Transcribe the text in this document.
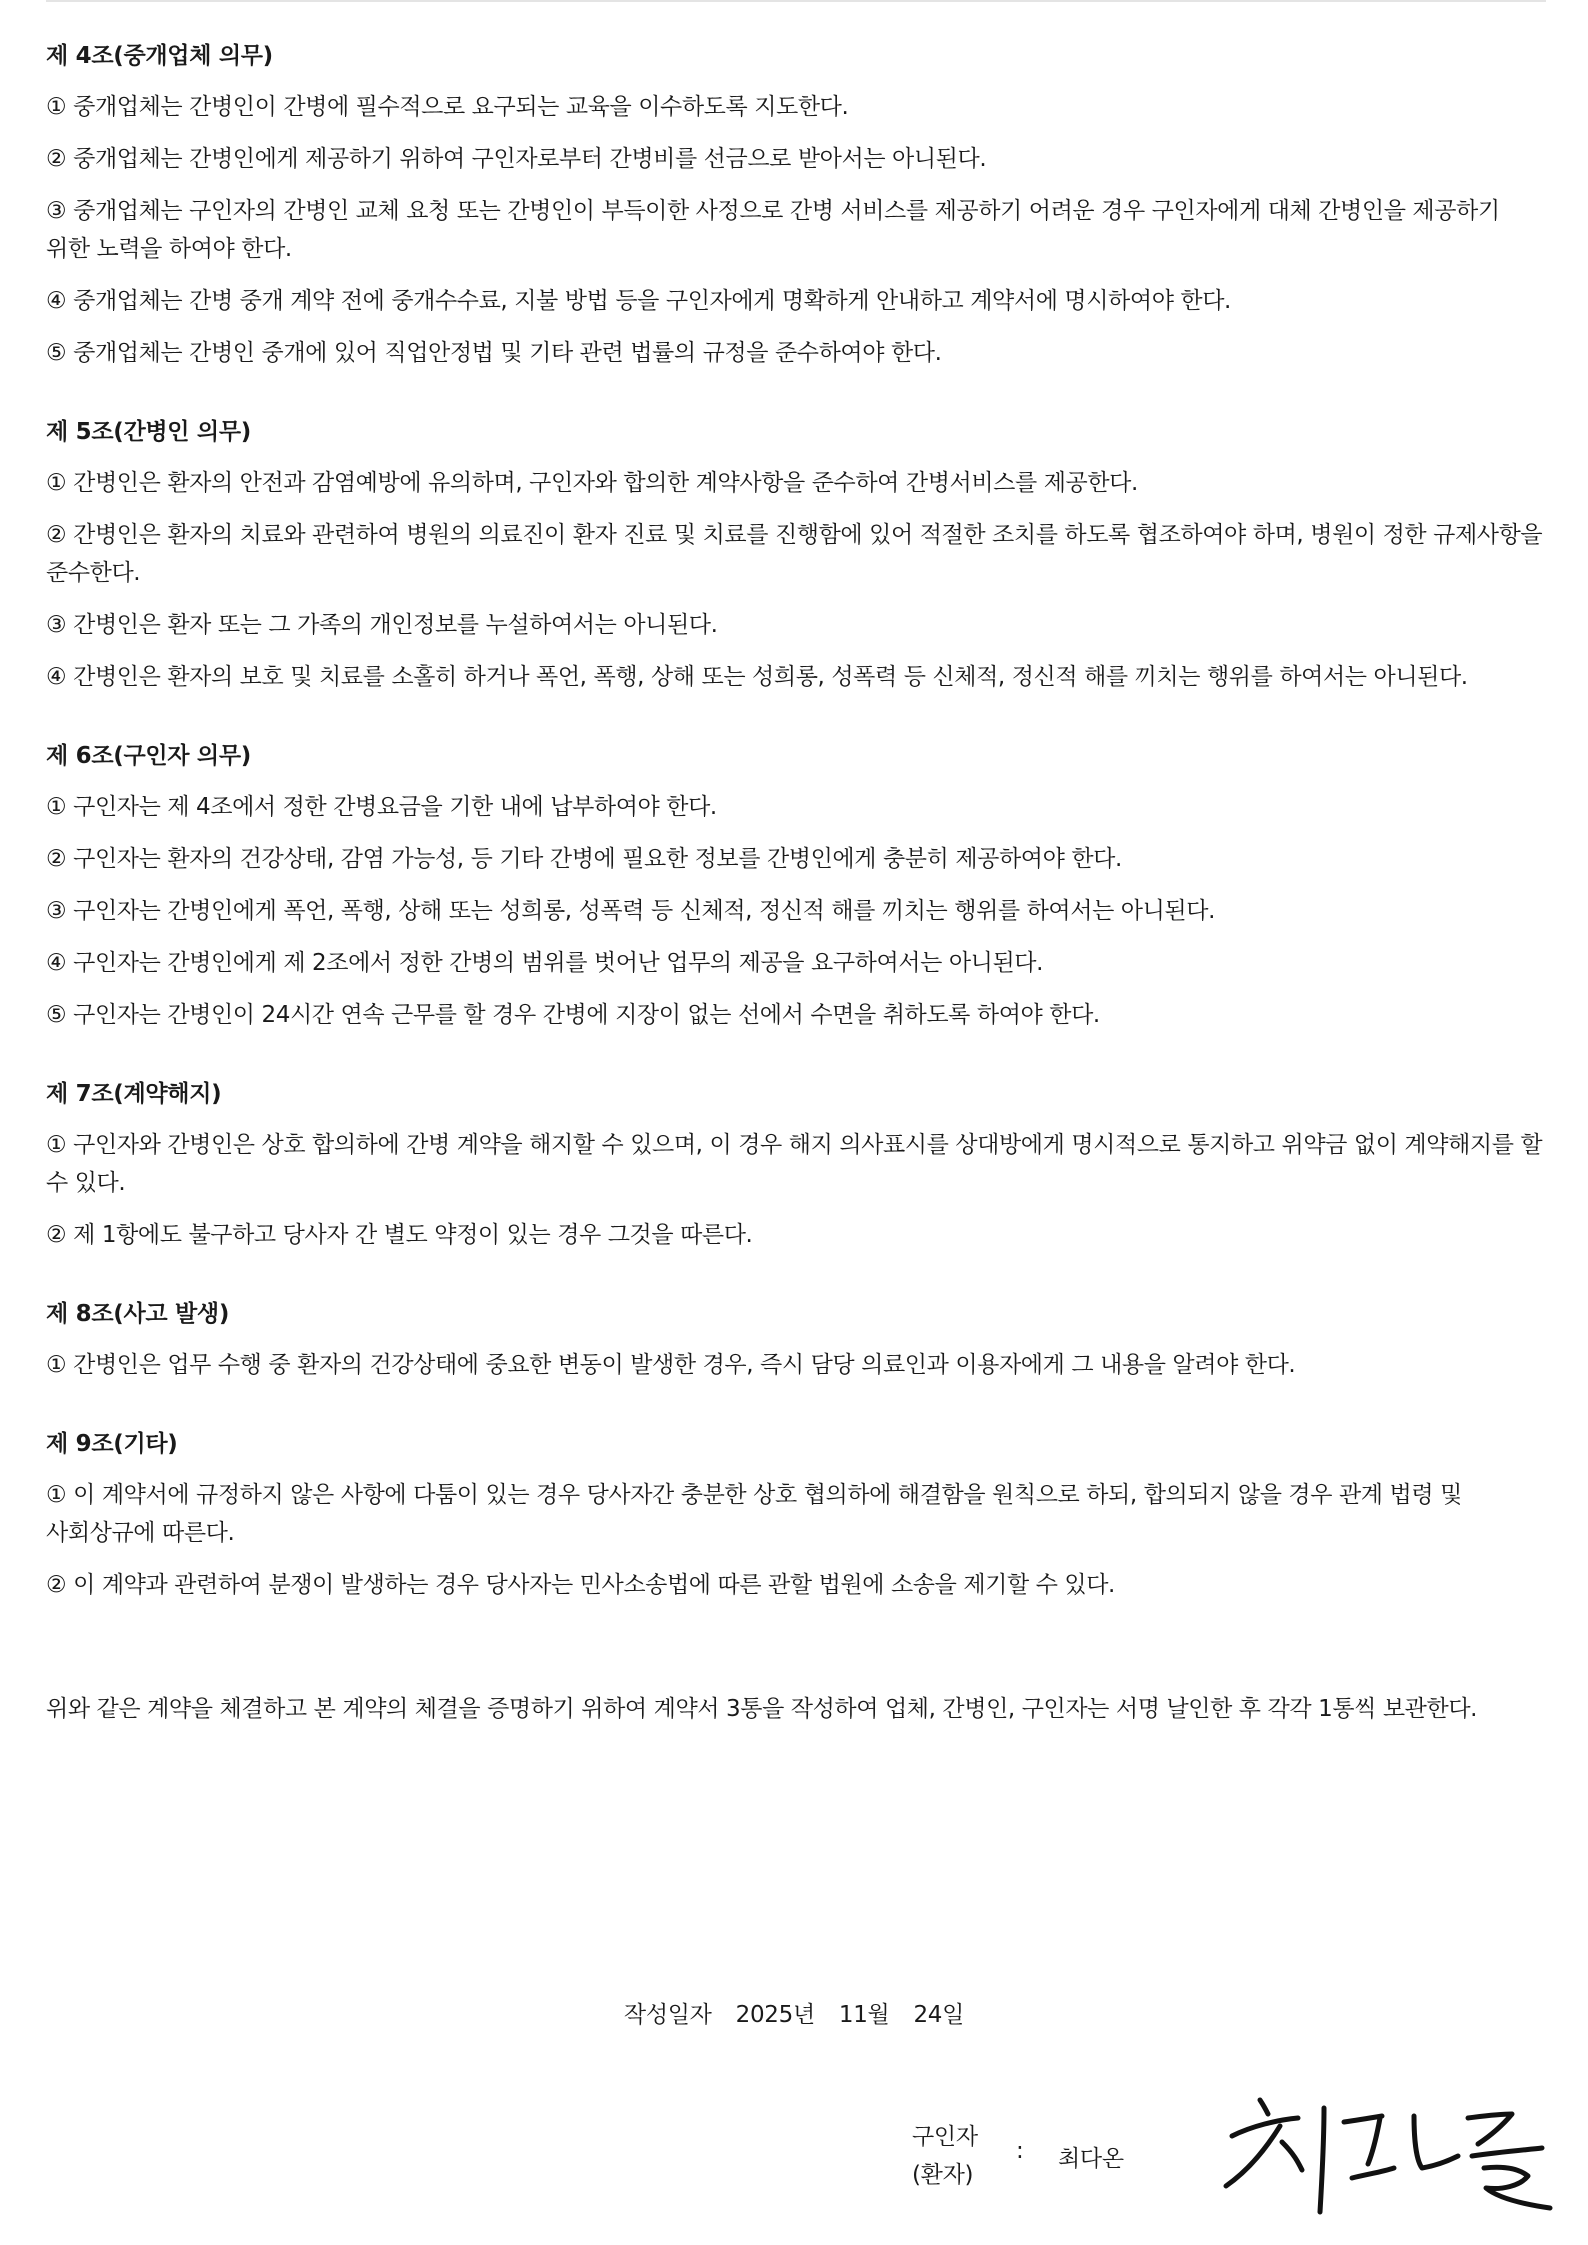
제 4조(중개업체 의무)
① 중개업체는 간병인이 간병에 필수적으로 요구되는 교육을 이수하도록 지도한다.
② 중개업체는 간병인에게 제공하기 위하여 구인자로부터 간병비를 선금으로 받아서는 아니된다.
③ 중개업체는 구인자의 간병인 교체 요청 또는 간병인이 부득이한 사정으로 간병 서비스를 제공하기 어려운 경우 구인자에게 대체 간병인을 제공하기 위한 노력을 하여야 한다.
④ 중개업체는 간병 중개 계약 전에 중개수수료, 지불 방법 등을 구인자에게 명확하게 안내하고 계약서에 명시하여야 한다.
⑤ 중개업체는 간병인 중개에 있어 직업안정법 및 기타 관련 법률의 규정을 준수하여야 한다.
제 5조(간병인 의무)
① 간병인은 환자의 안전과 감염예방에 유의하며, 구인자와 합의한 계약사항을 준수하여 간병서비스를 제공한다.
② 간병인은 환자의 치료와 관련하여 병원의 의료진이 환자 진료 및 치료를 진행함에 있어 적절한 조치를 하도록 협조하여야 하며, 병원이 정한 규제사항을 준수한다.
③ 간병인은 환자 또는 그 가족의 개인정보를 누설하여서는 아니된다.
④ 간병인은 환자의 보호 및 치료를 소홀히 하거나 폭언, 폭행, 상해 또는 성희롱, 성폭력 등 신체적, 정신적 해를 끼치는 행위를 하여서는 아니된다.
제 6조(구인자 의무)
① 구인자는 제 4조에서 정한 간병요금을 기한 내에 납부하여야 한다.
② 구인자는 환자의 건강상태, 감염 가능성, 등 기타 간병에 필요한 정보를 간병인에게 충분히 제공하여야 한다.
③ 구인자는 간병인에게 폭언, 폭행, 상해 또는 성희롱, 성폭력 등 신체적, 정신적 해를 끼치는 행위를 하여서는 아니된다.
④ 구인자는 간병인에게 제 2조에서 정한 간병의 범위를 벗어난 업무의 제공을 요구하여서는 아니된다.
⑤ 구인자는 간병인이 24시간 연속 근무를 할 경우 간병에 지장이 없는 선에서 수면을 취하도록 하여야 한다.
제 7조(계약해지)
① 구인자와 간병인은 상호 합의하에 간병 계약을 해지할 수 있으며, 이 경우 해지 의사표시를 상대방에게 명시적으로 통지하고 위약금 없이 계약해지를 할 수 있다.
② 제 1항에도 불구하고 당사자 간 별도 약정이 있는 경우 그것을 따른다.
제 8조(사고 발생)
① 간병인은 업무 수행 중 환자의 건강상태에 중요한 변동이 발생한 경우, 즉시 담당 의료인과 이용자에게 그 내용을 알려야 한다.
제 9조(기타)
① 이 계약서에 규정하지 않은 사항에 다툼이 있는 경우 당사자간 충분한 상호 협의하에 해결함을 원칙으로 하되, 합의되지 않을 경우 관계 법령 및 사회상규에 따른다.
② 이 계약과 관련하여 분쟁이 발생하는 경우 당사자는 민사소송법에 따른 관할 법원에 소송을 제기할 수 있다.
위와 같은 계약을 체결하고 본 계약의 체결을 증명하기 위하여 계약서 3통을 작성하여 업체, 간병인, 구인자는 서명 날인한 후 각각 1통씩 보관한다.
작성일자 2025년 11월 24일
구인자
(환자)
: 최다온
